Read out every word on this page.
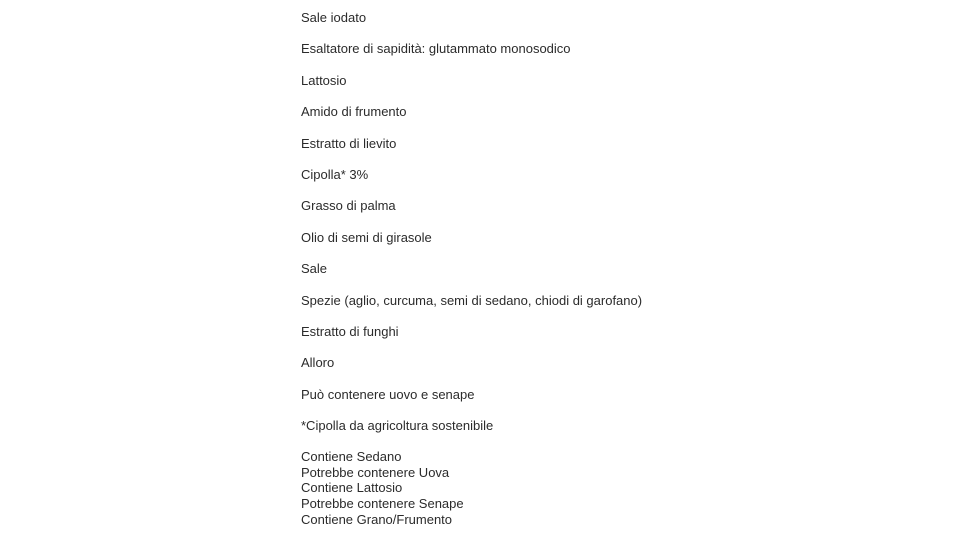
Sale iodato
Esaltatore di sapidità: glutammato monosodico
Lattosio
Amido di frumento
Estratto di lievito
Cipolla* 3%
Grasso di palma
Olio di semi di girasole
Sale
Spezie (aglio, curcuma, semi di sedano, chiodi di garofano)
Estratto di funghi
Alloro
Può contenere uovo e senape
*Cipolla da agricoltura sostenibile
Contiene Sedano
Potrebbe contenere Uova
Contiene Lattosio
Potrebbe contenere Senape
Contiene Grano/Frumento
